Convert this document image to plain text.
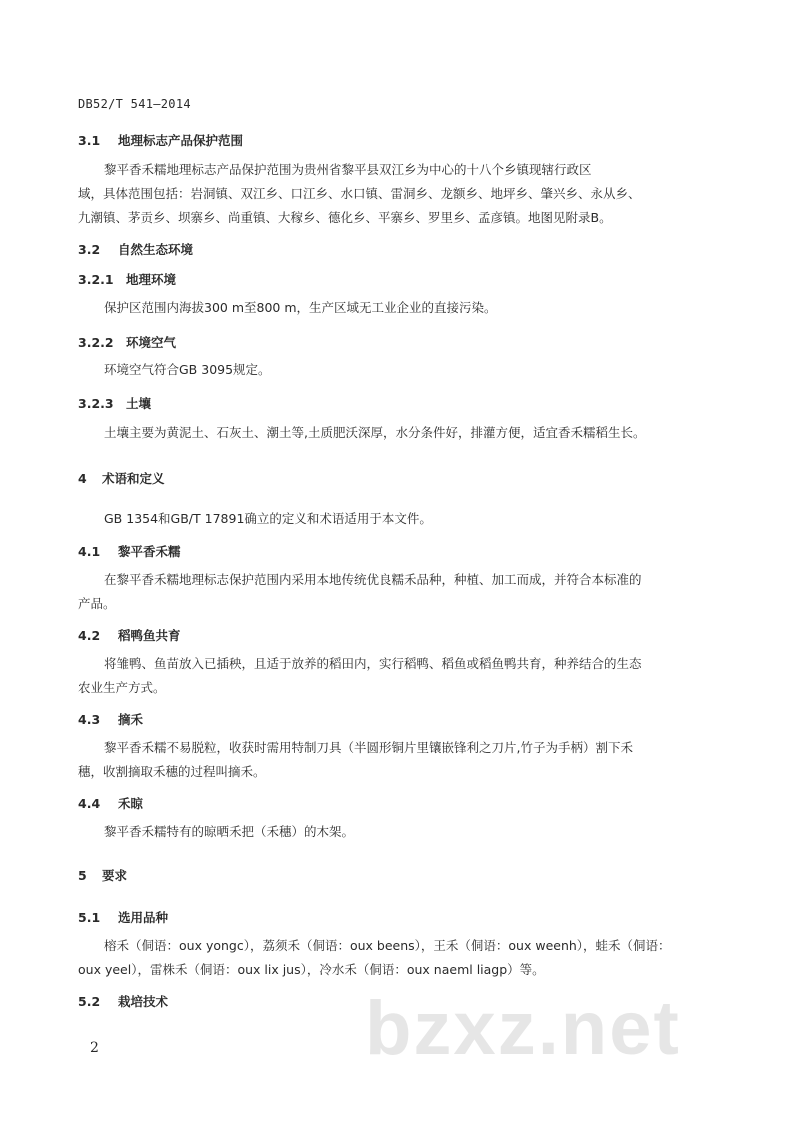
DB52/T 541—2014
3.1 地理标志产品保护范围
黎平香禾糯地理标志产品保护范围为贵州省黎平县双江乡为中心的十八个乡镇现辖行政区
域，具体范围包括：岩洞镇、双江乡、口江乡、水口镇、雷洞乡、龙额乡、地坪乡、肇兴乡、永从乡、
九潮镇、茅贡乡、坝寨乡、尚重镇、大稼乡、德化乡、平寨乡、罗里乡、孟彦镇。地图见附录B。
3.2 自然生态环境
3.2.1 地理环境
保护区范围内海拔300 m至800 m，生产区域无工业企业的直接污染。
3.2.2 环境空气
环境空气符合GB 3095规定。
3.2.3 土壤
土壤主要为黄泥土、石灰土、潮土等,土质肥沃深厚，水分条件好，排灌方便，适宜香禾糯稻生长。
4 术语和定义
GB 1354和GB/T 17891确立的定义和术语适用于本文件。
4.1 黎平香禾糯
在黎平香禾糯地理标志保护范围内采用本地传统优良糯禾品种，种植、加工而成，并符合本标准的
产品。
4.2 稻鸭鱼共育
将雏鸭、鱼苗放入已插秧，且适于放养的稻田内，实行稻鸭、稻鱼或稻鱼鸭共育，种养结合的生态
农业生产方式。
4.3 摘禾
黎平香禾糯不易脱粒，收获时需用特制刀具（半圆形铜片里镶嵌锋利之刀片,竹子为手柄）割下禾
穗，收割摘取禾穗的过程叫摘禾。
4.4 禾晾
黎平香禾糯特有的晾晒禾把（禾穗）的木架。
5 要求
5.1 选用品种
榕禾（侗语：oux yongc），荔须禾（侗语：oux beens），王禾（侗语：oux weenh），蛙禾（侗语：
oux yeel），雷株禾（侗语：oux lix jus），冷水禾（侗语：oux naeml liagp）等。
5.2 栽培技术	bzxz.net
2
